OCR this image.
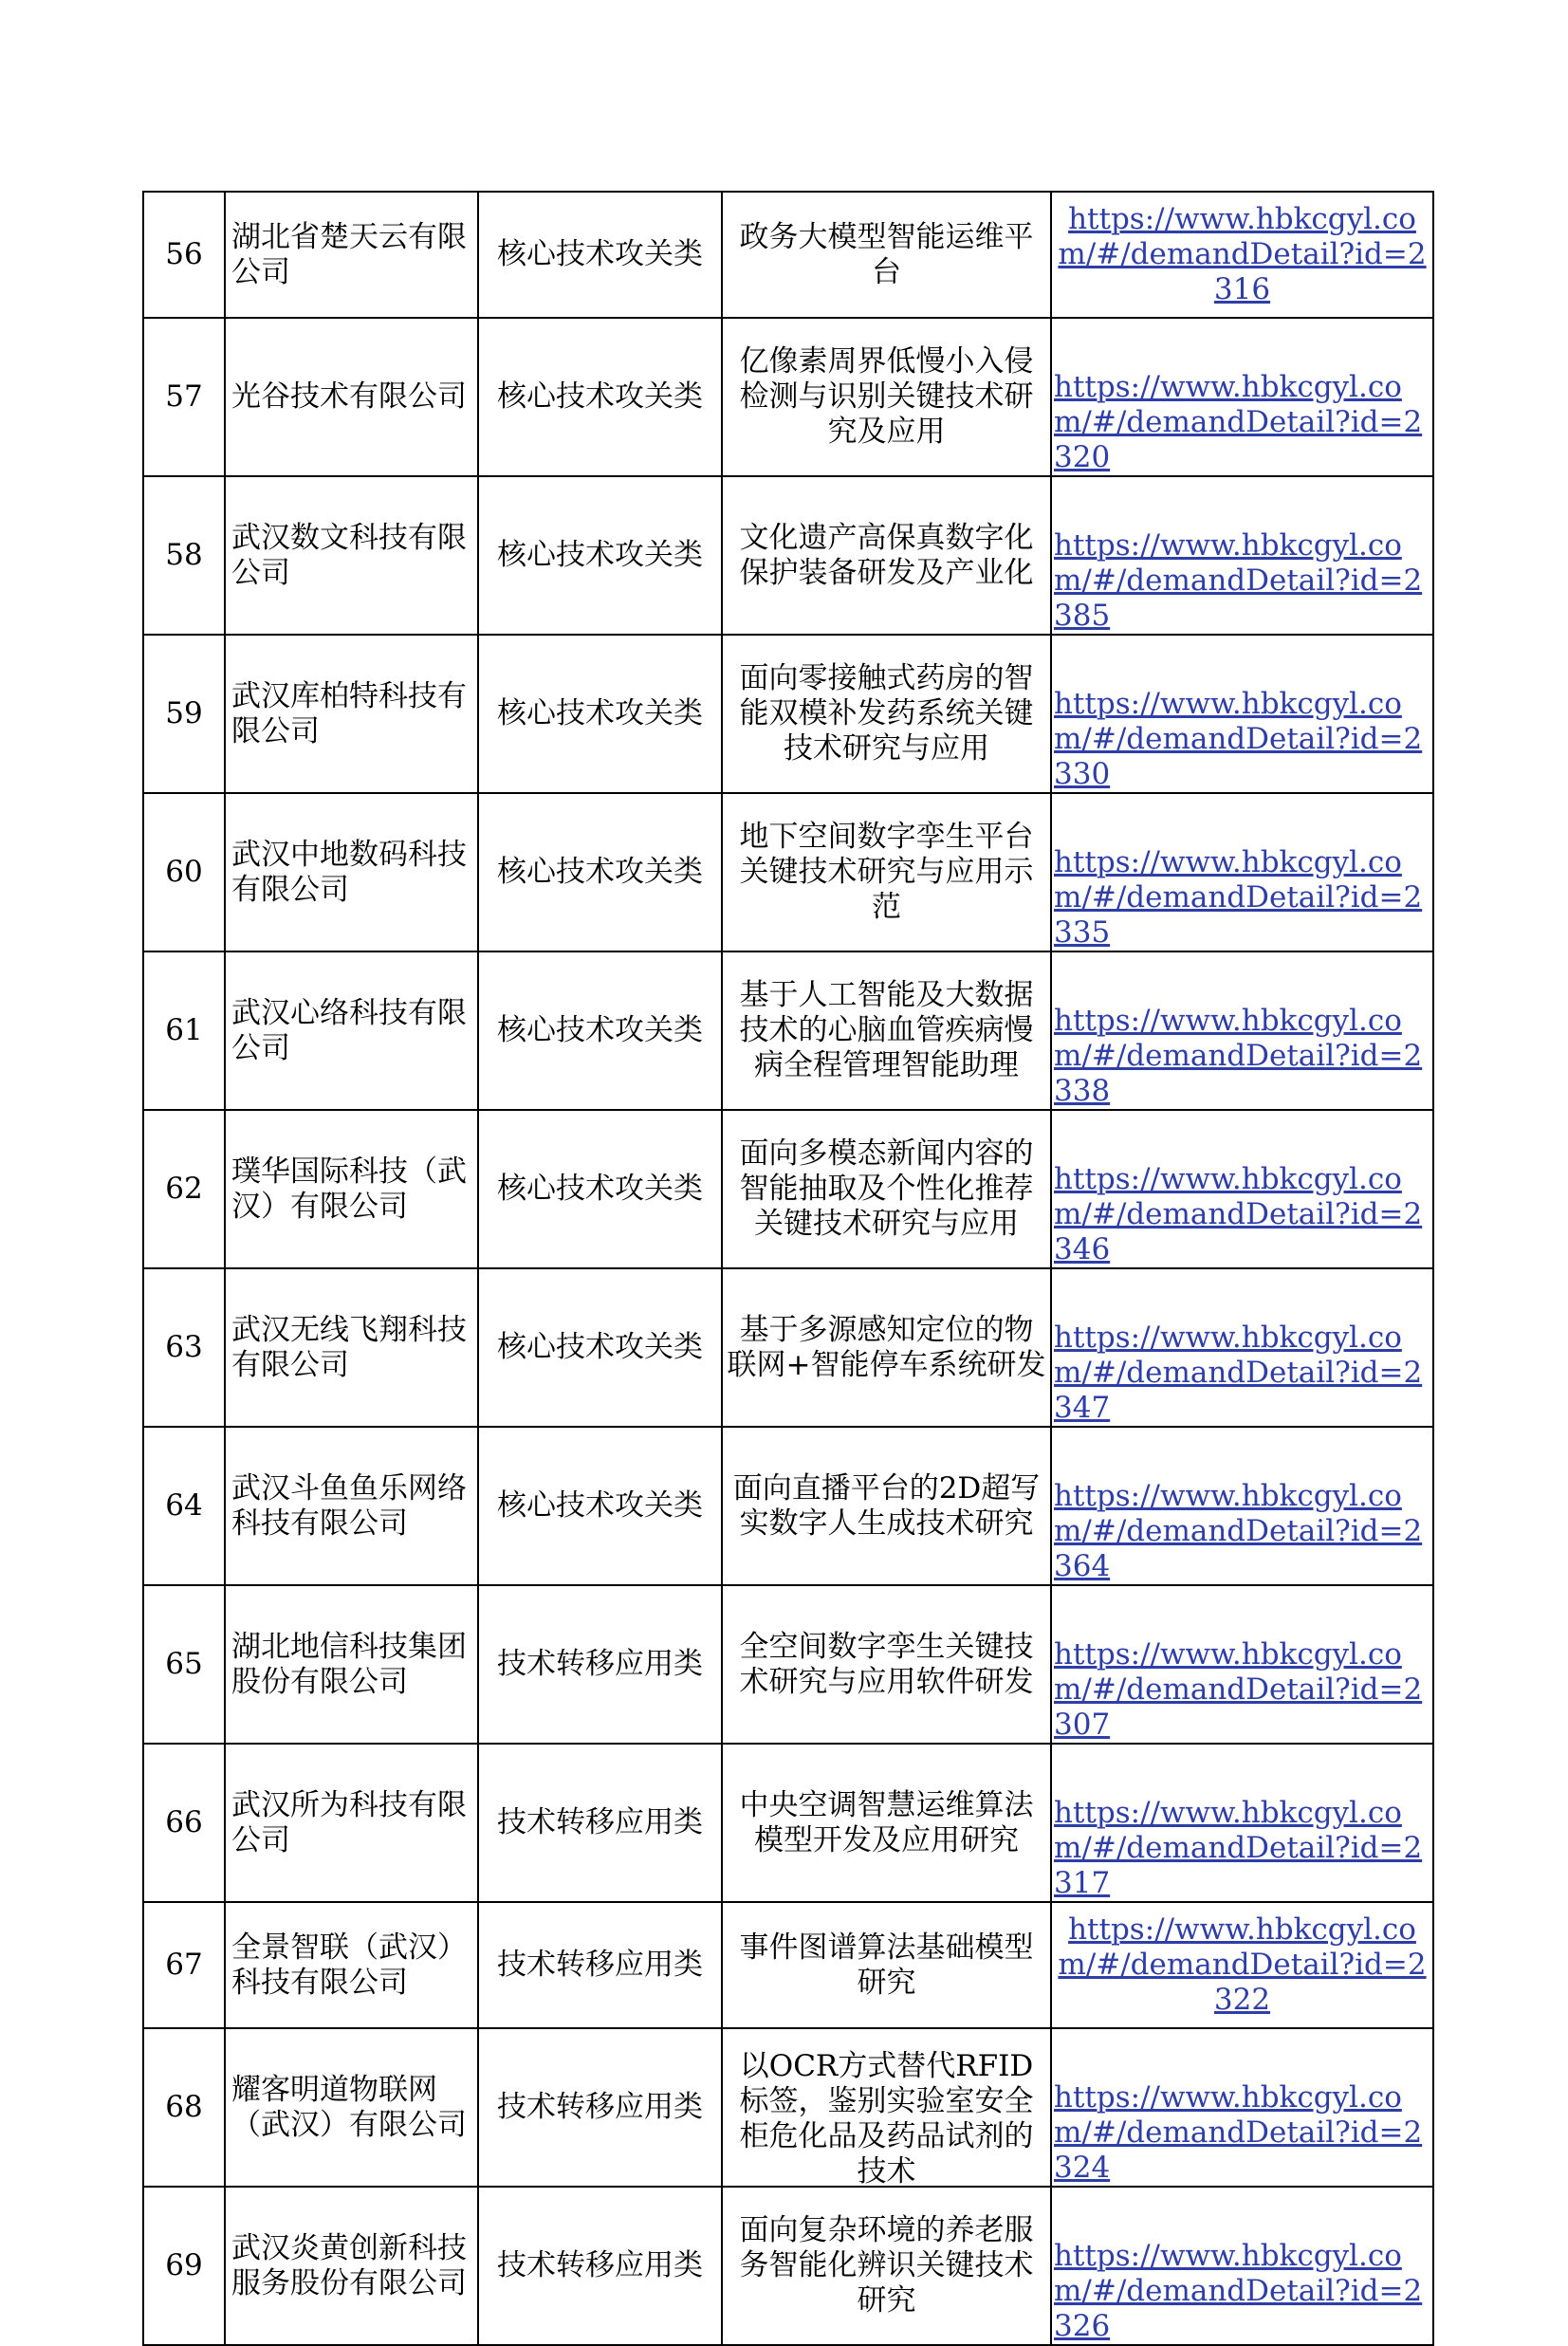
56	湖北省楚天云有限公司	核心技术攻关类	政务大模型智能运维平台	https://www.hbkcgyl.com/#/demandDetail?id=2316

57	光谷技术有限公司	核心技术攻关类	亿像素周界低慢小入侵检测与识别关键技术研究及应用	https://www.hbkcgyl.com/#/demandDetail?id=2320

58	武汉数文科技有限公司	核心技术攻关类	文化遗产高保真数字化保护装备研发及产业化	https://www.hbkcgyl.com/#/demandDetail?id=2385

59	武汉库柏特科技有限公司	核心技术攻关类	面向零接触式药房的智能双模补发药系统关键技术研究与应用	https://www.hbkcgyl.com/#/demandDetail?id=2330

60	武汉中地数码科技有限公司	核心技术攻关类	地下空间数字孪生平台关键技术研究与应用示范	https://www.hbkcgyl.com/#/demandDetail?id=2335

61	武汉心络科技有限公司	核心技术攻关类	基于人工智能及大数据技术的心脑血管疾病慢病全程管理智能助理	https://www.hbkcgyl.com/#/demandDetail?id=2338

62	璞华国际科技（武汉）有限公司	核心技术攻关类	面向多模态新闻内容的智能抽取及个性化推荐关键技术研究与应用	https://www.hbkcgyl.com/#/demandDetail?id=2346

63	武汉无线飞翔科技有限公司	核心技术攻关类	基于多源感知定位的物联网+智能停车系统研发	https://www.hbkcgyl.com/#/demandDetail?id=2347

64	武汉斗鱼鱼乐网络科技有限公司	核心技术攻关类	面向直播平台的2D超写实数字人生成技术研究	https://www.hbkcgyl.com/#/demandDetail?id=2364

65	湖北地信科技集团股份有限公司	技术转移应用类	全空间数字孪生关键技术研究与应用软件研发	https://www.hbkcgyl.com/#/demandDetail?id=2307

66	武汉所为科技有限公司	技术转移应用类	中央空调智慧运维算法模型开发及应用研究	https://www.hbkcgyl.com/#/demandDetail?id=2317

67	全景智联（武汉）科技有限公司	技术转移应用类	事件图谱算法基础模型研究	https://www.hbkcgyl.com/#/demandDetail?id=2322

68	耀客明道物联网（武汉）有限公司	技术转移应用类	以OCR方式替代RFID标签，鉴别实验室安全柜危化品及药品试剂的技术	https://www.hbkcgyl.com/#/demandDetail?id=2324

69	武汉炎黄创新科技服务股份有限公司	技术转移应用类	面向复杂环境的养老服务智能化辨识关键技术研究	https://www.hbkcgyl.com/#/demandDetail?id=2326
